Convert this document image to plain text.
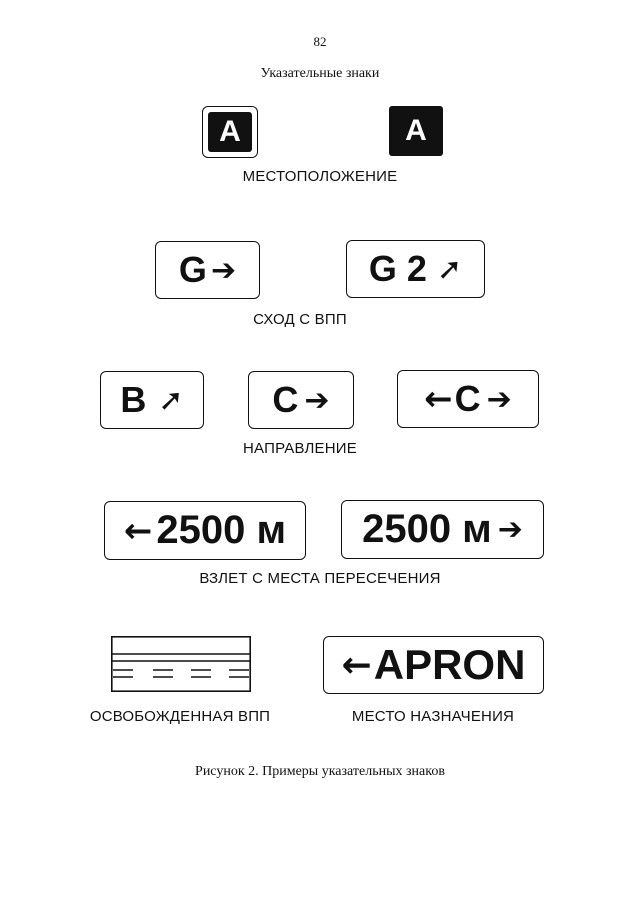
82
Указательные знаки
A	A
МЕСТОПОЛОЖЕНИЕ
G ➔	G 2 ➚
СХОД С ВПП
B ➚ C ➔	← C ➔
НАПРАВЛЕНИЕ
← 2500 м 2500 м ➔
ВЗЛЕТ С МЕСТА ПЕРЕСЕЧЕНИЯ
ОСВОБОЖДЕННАЯ ВПП
← APRON
МЕСТО НАЗНАЧЕНИЯ
Рисунок 2. Примеры указательных знаков
